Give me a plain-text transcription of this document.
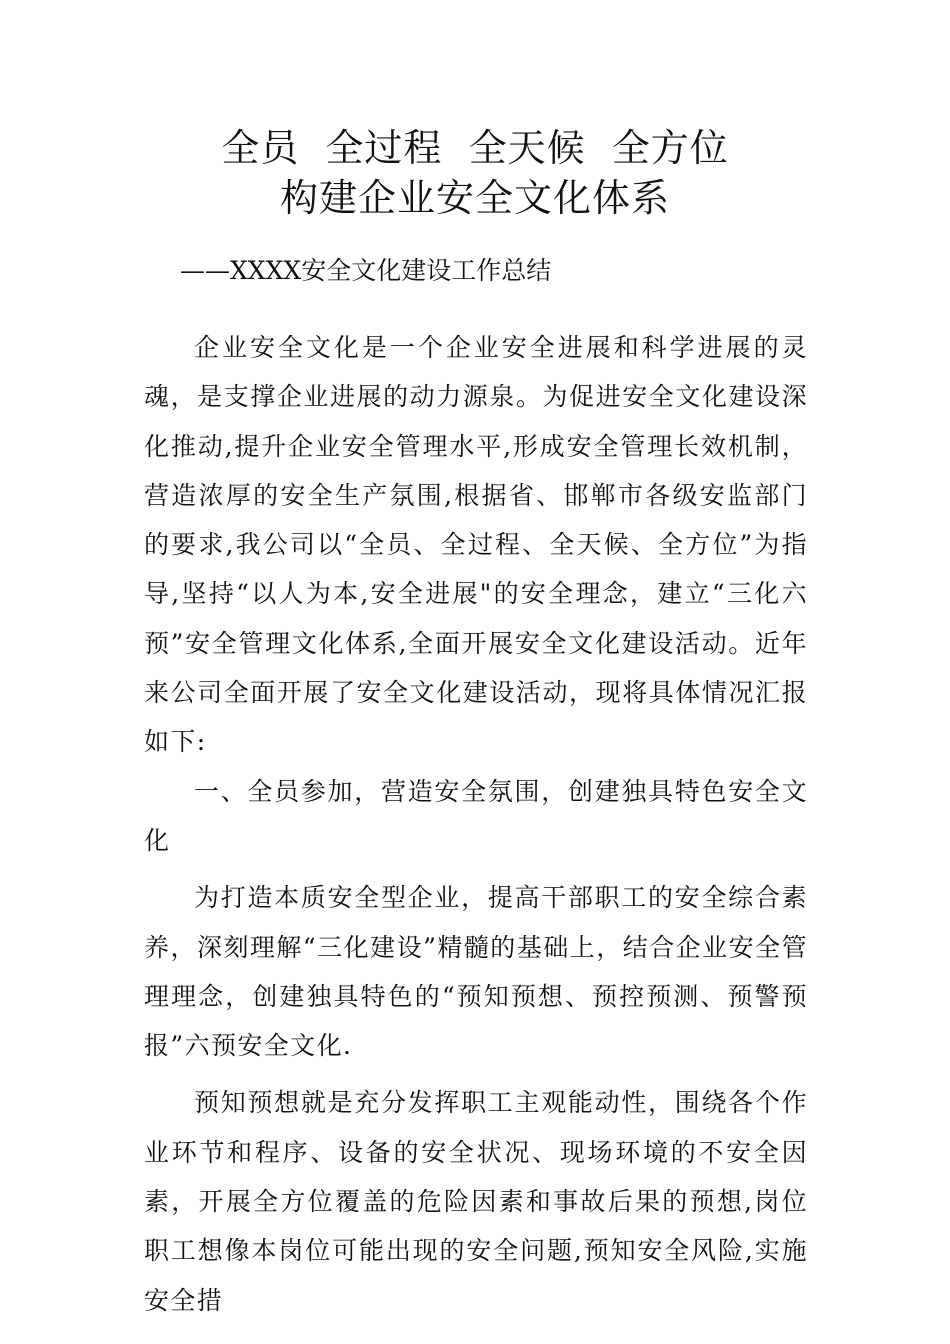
全员  全过程  全天候  全方位
构建企业安全文化体系
——XXXX安全文化建设工作总结

企业安全文化是一个企业安全进展和科学进展的灵魂，是支撑企业进展的动力源泉。为促进安全文化建设深化推动,提升企业安全管理水平,形成安全管理长效机制，营造浓厚的安全生产氛围,根据省、邯郸市各级安监部门的要求,我公司以“全员、全过程、全天候、全方位”为指导,坚持“以人为本,安全进展"的安全理念，建立“三化六预”安全管理文化体系,全面开展安全文化建设活动。近年来公司全面开展了安全文化建设活动，现将具体情况汇报如下:

一、全员参加，营造安全氛围，创建独具特色安全文化

为打造本质安全型企业，提高干部职工的安全综合素养，深刻理解“三化建设”精髓的基础上，结合企业安全管理理念，创建独具特色的“预知预想、预控预测、预警预报”六预安全文化.

预知预想就是充分发挥职工主观能动性，围绕各个作业环节和程序、设备的安全状况、现场环境的不安全因素，开展全方位覆盖的危险因素和事故后果的预想,岗位职工想像本岗位可能出现的安全问题,预知安全风险,实施安全措
